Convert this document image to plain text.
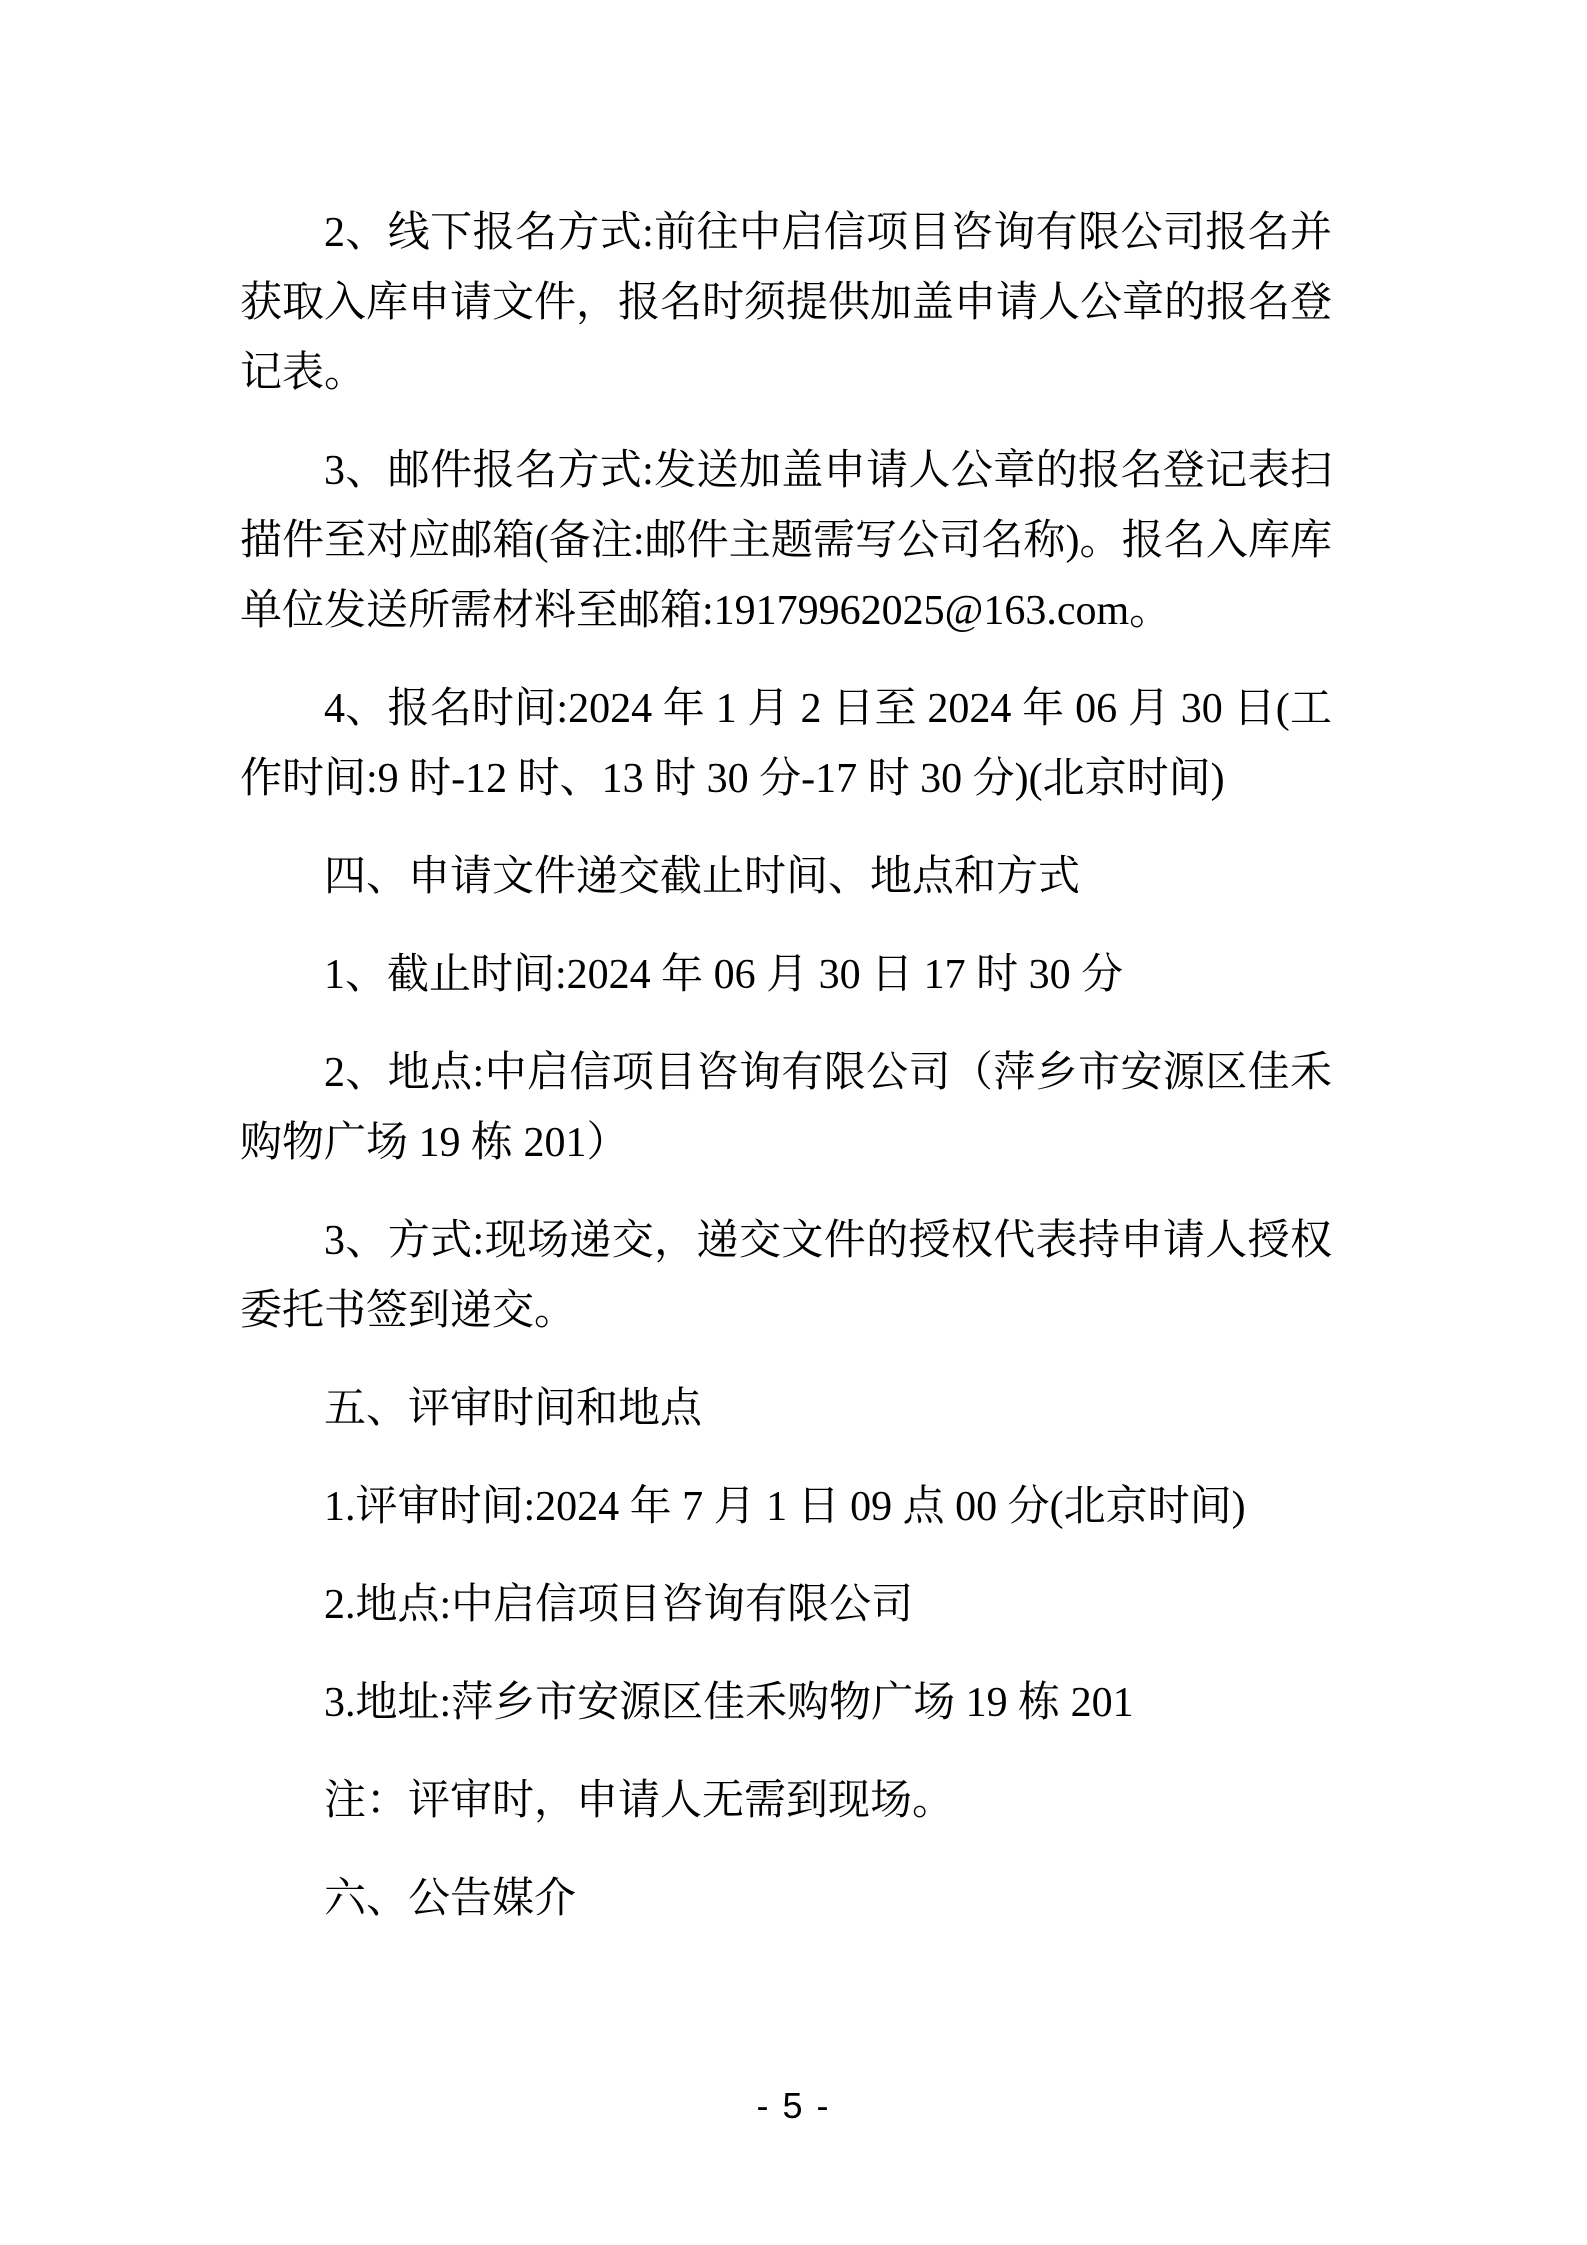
2、线下报名方式:前往中启信项目咨询有限公司报名并获取入库申请文件，报名时须提供加盖申请人公章的报名登记表。

3、邮件报名方式:发送加盖申请人公章的报名登记表扫描件至对应邮箱(备注:邮件主题需写公司名称)。报名入库库单位发送所需材料至邮箱:19179962025@163.com。

4、报名时间:2024 年 1 月 2 日至 2024 年 06 月 30 日(工作时间:9 时-12 时、13 时 30 分-17 时 30 分)(北京时间)

四、申请文件递交截止时间、地点和方式

1、截止时间:2024 年 06 月 30 日 17 时 30 分

2、地点:中启信项目咨询有限公司（萍乡市安源区佳禾购物广场 19 栋 201）

3、方式:现场递交，递交文件的授权代表持申请人授权委托书签到递交。

五、评审时间和地点

1.评审时间:2024 年 7 月 1 日 09 点 00 分(北京时间)

2.地点:中启信项目咨询有限公司

3.地址:萍乡市安源区佳禾购物广场 19 栋 201

注：评审时，申请人无需到现场。

六、公告媒介

- 5 -
